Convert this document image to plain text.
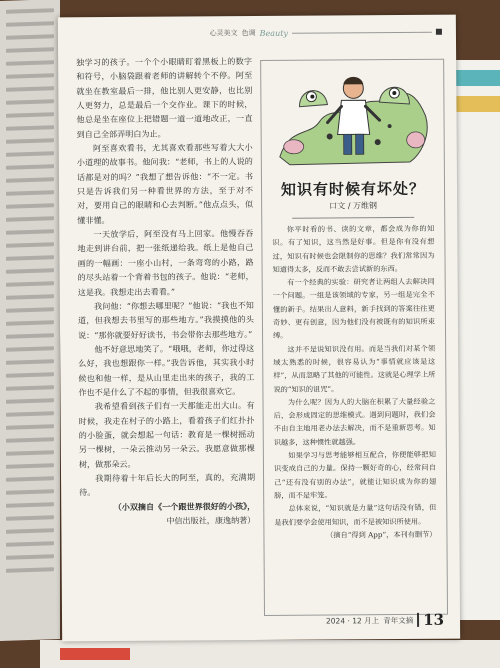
心灵美文 色调 Beauty

独学习的孩子。一个个小眼睛盯着黑板上的数字和符号，小脑袋跟着老师的讲解转个不停。阿至就坐在教室最后一排，他比别人更安静，也比别人更努力，总是最后一个交作业。课下的时候，他总是坐在座位上把错题一道一道地改正，一直到自己全部弄明白为止。

阿至喜欢看书，尤其喜欢看那些写着大大小小道理的故事书。他问我：“老师，书上的人说的话都是对的吗？”我想了想告诉他：“不一定。书只是告诉我们另一种看世界的方法，至于对不对，要用自己的眼睛和心去判断。”他点点头，似懂非懂。

一天放学后，阿至没有马上回家。他慢吞吞地走到讲台前，把一张纸递给我。纸上是他自己画的一幅画：一座小山村，一条弯弯的小路，路的尽头站着一个背着书包的孩子。他说：“老师，这是我。我想走出去看看。”

我问他：“你想去哪里呢？”他说：“我也不知道，但我想去书里写的那些地方。”我摸摸他的头说：“那你就要好好读书，书会带你去那些地方。”

他不好意思地笑了。“哦哦，老师，你过得这么好，我也想跟你一样。”我告诉他，其实我小时候也和他一样，是从山里走出来的孩子，我的工作也不是什么了不起的事情，但我很喜欢它。

我希望看到孩子们有一天都能走出大山。有时候，我走在村子的小路上，看着孩子们红扑扑的小脸蛋，就会想起一句话：教育是一棵树摇动另一棵树，一朵云推动另一朵云。我愿意做那棵树，做那朵云。

我期待着十年后长大的阿至，真的，充满期待。

（小双摘自《一个跟世界很好的小孩》，

中信出版社，康逸纳著）

知识有时候有坏处？
口文 / 万维钢

你平时看的书、读的文章，都会成为你的知识。有了知识，这当然是好事。但是你有没有想过，知识有时候也会限制你的思维？我们常常因为知道得太多，反而不敢去尝试新的东西。

有一个经典的实验：研究者让两组人去解决同一个问题。一组是该领域的专家，另一组是完全不懂的新手。结果出人意料，新手找到的答案往往更奇妙、更有创意，因为他们没有被既有的知识所束缚。

这并不是说知识没有用。而是当我们对某个领域太熟悉的时候，很容易认为“事情就应该是这样”，从而忽略了其他的可能性。这就是心理学上所说的“知识的诅咒”。

为什么呢？因为人的大脑在积累了大量经验之后，会形成固定的思维模式。遇到问题时，我们会不由自主地用老办法去解决，而不是重新思考。知识越多，这种惯性就越强。

如果学习与思考能够相互配合，你便能够把知识变成自己的力量。保持一颗好奇的心，经常问自己“还有没有别的办法”，就能让知识成为你的翅膀，而不是牢笼。

总体来说，“知识就是力量”这句话没有错，但是我们要学会使用知识，而不是被知识所使用。

（摘自“得到 App”，本刊有删节）

2024 · 12 月上 青年文摘 13
